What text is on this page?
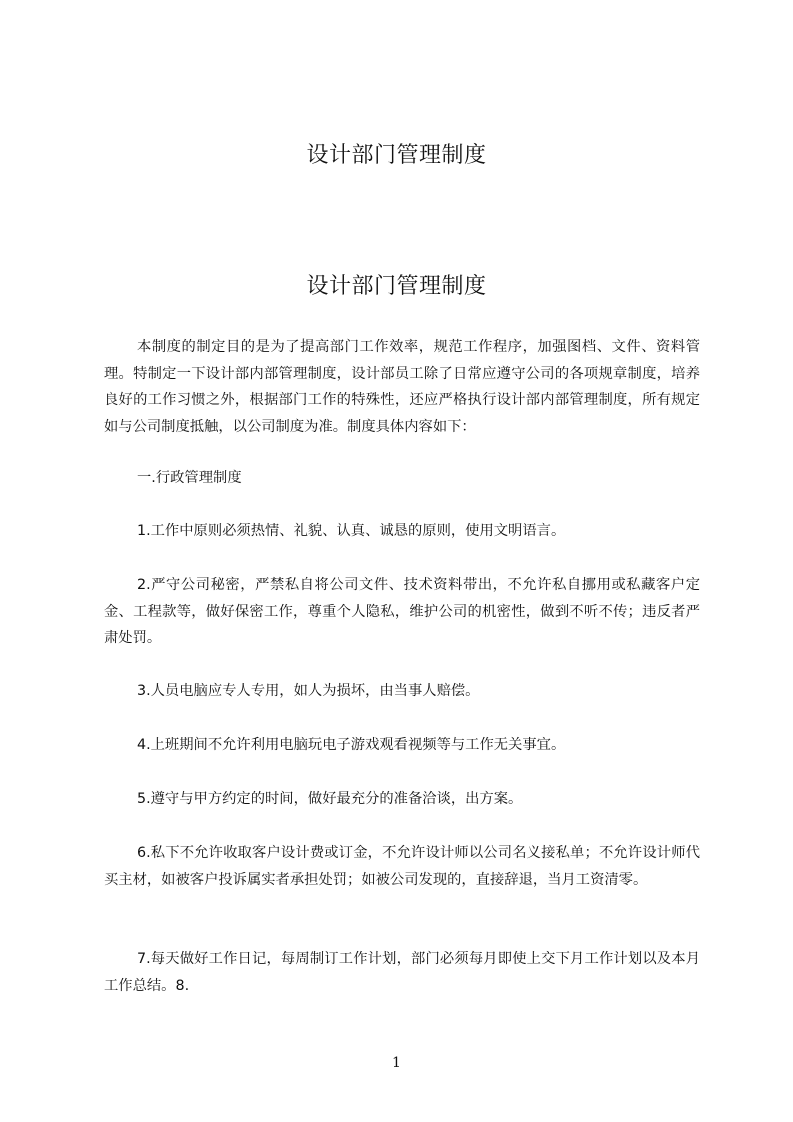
设计部门管理制度
设计部门管理制度

本制度的制定目的是为了提高部门工作效率，规范工作程序，加强图档、文件、资料管理。特制定一下设计部内部管理制度，设计部员工除了日常应遵守公司的各项规章制度，培养良好的工作习惯之外，根据部门工作的特殊性，还应严格执行设计部内部管理制度，所有规定如与公司制度抵触，以公司制度为准。制度具体内容如下：

一.行政管理制度

1.工作中原则必须热情、礼貌、认真、诚恳的原则，使用文明语言。

2.严守公司秘密，严禁私自将公司文件、技术资料带出，不允许私自挪用或私藏客户定金、工程款等，做好保密工作，尊重个人隐私，维护公司的机密性，做到不听不传；违反者严肃处罚。

3.人员电脑应专人专用，如人为损坏，由当事人赔偿。

4.上班期间不允许利用电脑玩电子游戏观看视频等与工作无关事宜。

5.遵守与甲方约定的时间，做好最充分的准备洽谈，出方案。

6.私下不允许收取客户设计费或订金，不允许设计师以公司名义接私单；不允许设计师代买主材，如被客户投诉属实者承担处罚；如被公司发现的，直接辞退，当月工资清零。

7.每天做好工作日记，每周制订工作计划，部门必须每月即使上交下月工作计划以及本月工作总结。8.

1
